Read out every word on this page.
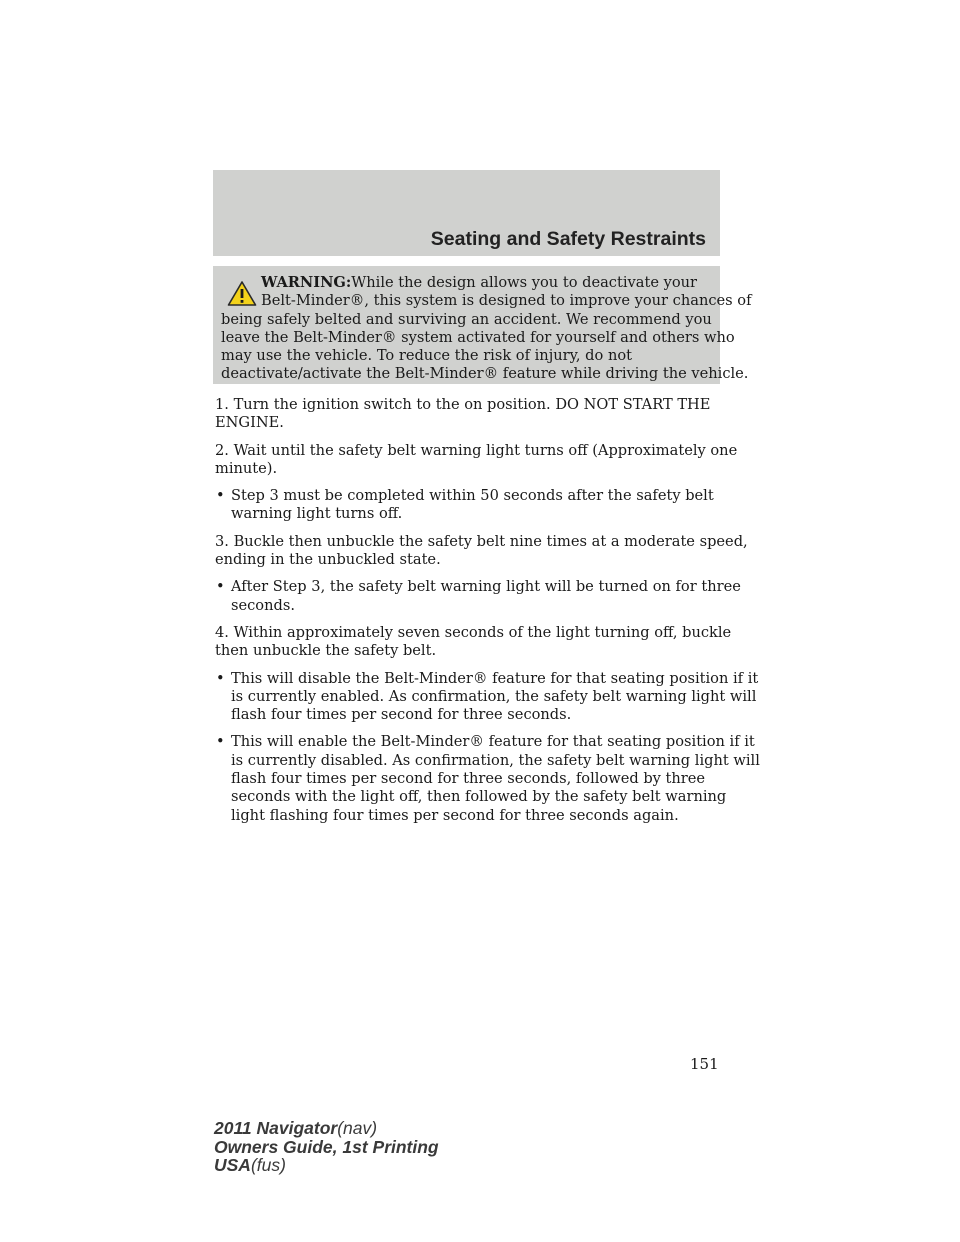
Seating and Safety Restraints
WARNING:While the design allows you to deactivate your
Belt-Minder®, this system is designed to improve your chances of
being safely belted and surviving an accident. We recommend you
leave the Belt-Minder® system activated for yourself and others who
may use the vehicle. To reduce the risk of injury, do not
deactivate/activate the Belt-Minder® feature while driving the vehicle.
1. Turn the ignition switch to the on position. DO NOT START THE
ENGINE.
2. Wait until the safety belt warning light turns off (Approximately one
minute).
• Step 3 must be completed within 50 seconds after the safety belt
warning light turns off.
3. Buckle then unbuckle the safety belt nine times at a moderate speed,
ending in the unbuckled state.
• After Step 3, the safety belt warning light will be turned on for three
seconds.
4. Within approximately seven seconds of the light turning off, buckle
then unbuckle the safety belt.
• This will disable the Belt-Minder® feature for that seating position if it
is currently enabled. As confirmation, the safety belt warning light will
flash four times per second for three seconds.
• This will enable the Belt-Minder® feature for that seating position if it
is currently disabled. As confirmation, the safety belt warning light will
flash four times per second for three seconds, followed by three
seconds with the light off, then followed by the safety belt warning
light flashing four times per second for three seconds again.
151
2011 Navigator(nav)
Owners Guide, 1st Printing
USA(fus)
